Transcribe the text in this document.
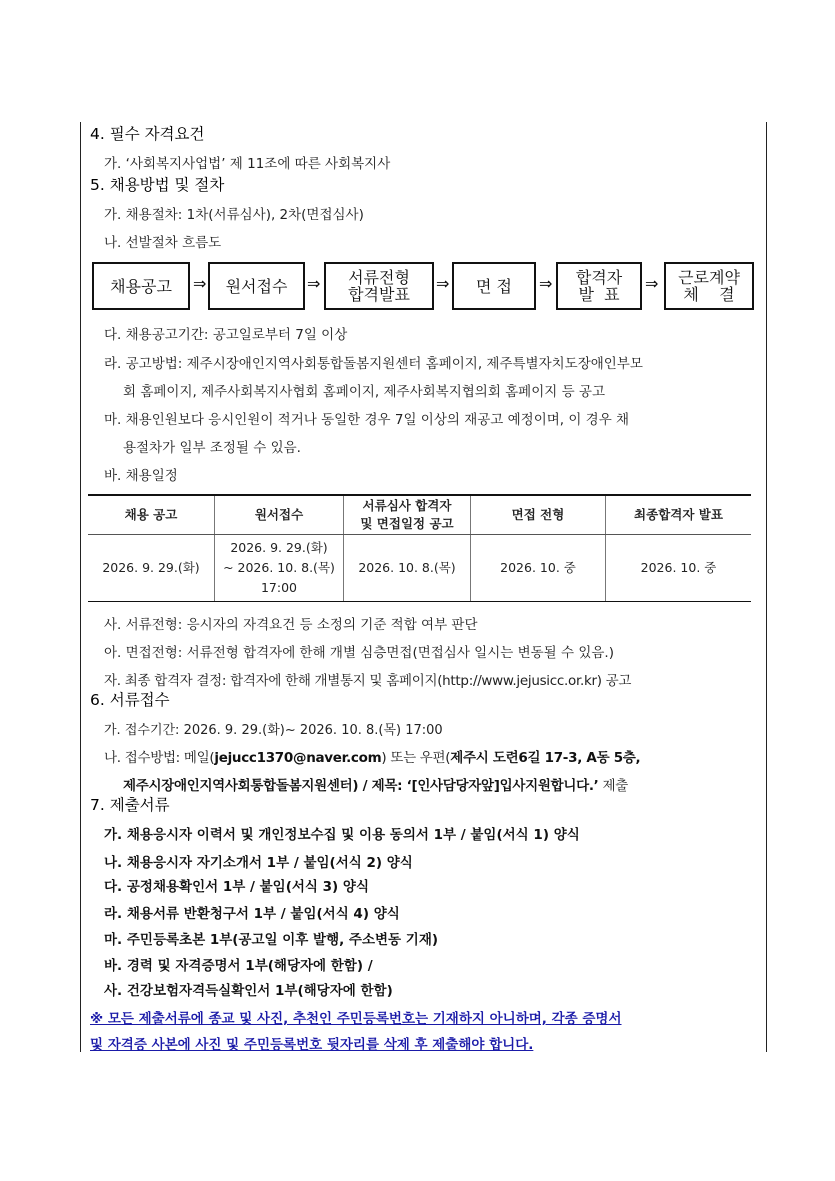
4. 필수 자격요건
가. ‘사회복지사업법’ 제 11조에 따른 사회복지사
5. 채용방법 및 절차
가. 채용절차: 1차(서류심사), 2차(면접심사)
나. 선발절차 흐름도
채용공고 ⇒ 원서접수 ⇒ 서류전형
합격발표
⇒ 면 접 ⇒ 합격자
발  표
⇒ 근로계약
체    결
다. 채용공고기간: 공고일로부터 7일 이상
라. 공고방법: 제주시장애인지역사회통합돌봄지원센터 홈페이지, 제주특별자치도장애인부모
회 홈페이지, 제주사회복지사협회 홈페이지, 제주사회복지협의회 홈페이지 등 공고
마. 채용인원보다 응시인원이 적거나 동일한 경우 7일 이상의 재공고 예정이며, 이 경우 채
용절차가 일부 조정될 수 있음.
바. 채용일정
채용 공고	원서접수	서류심사 합격자
및 면접일정 공고	면접 전형	최종합격자 발표
2026. 9. 29.(화)	2026. 9. 29.(화)
~ 2026. 10. 8.(목)
17:00	2026. 10. 8.(목)	2026. 10. 중	2026. 10. 중
사. 서류전형: 응시자의 자격요건 등 소정의 기준 적합 여부 판단
아. 면접전형: 서류전형 합격자에 한해 개별 심층면접(면접심사 일시는 변동될 수 있음.)
자. 최종 합격자 결정: 합격자에 한해 개별통지 및 홈페이지(http://www.jejusicc.or.kr) 공고
6. 서류접수
가. 접수기간: 2026. 9. 29.(화)~ 2026. 10. 8.(목) 17:00
나. 접수방법: 메일(jejucc1370@naver.com) 또는 우편(제주시 도련6길 17-3, A동 5층,
제주시장애인지역사회통합돌봄지원센터) / 제목: ‘[인사담당자앞]입사지원합니다.’ 제출
7. 제출서류
가. 채용응시자 이력서 및 개인정보수집 및 이용 동의서 1부 / 붙임(서식 1) 양식
나. 채용응시자 자기소개서 1부 / 붙임(서식 2) 양식
다. 공정채용확인서 1부 / 붙임(서식 3) 양식
라. 채용서류 반환청구서 1부 / 붙임(서식 4) 양식
마. 주민등록초본 1부(공고일 이후 발행, 주소변동 기재)
바. 경력 및 자격증명서 1부(해당자에 한함) /
사. 건강보험자격득실확인서 1부(해당자에 한함)
※ 모든 제출서류에 종교 및 사진, 추천인 주민등록번호는 기재하지 아니하며, 각종 증명서
및 자격증 사본에 사진 및 주민등록번호 뒷자리를 삭제 후 제출해야 합니다.
